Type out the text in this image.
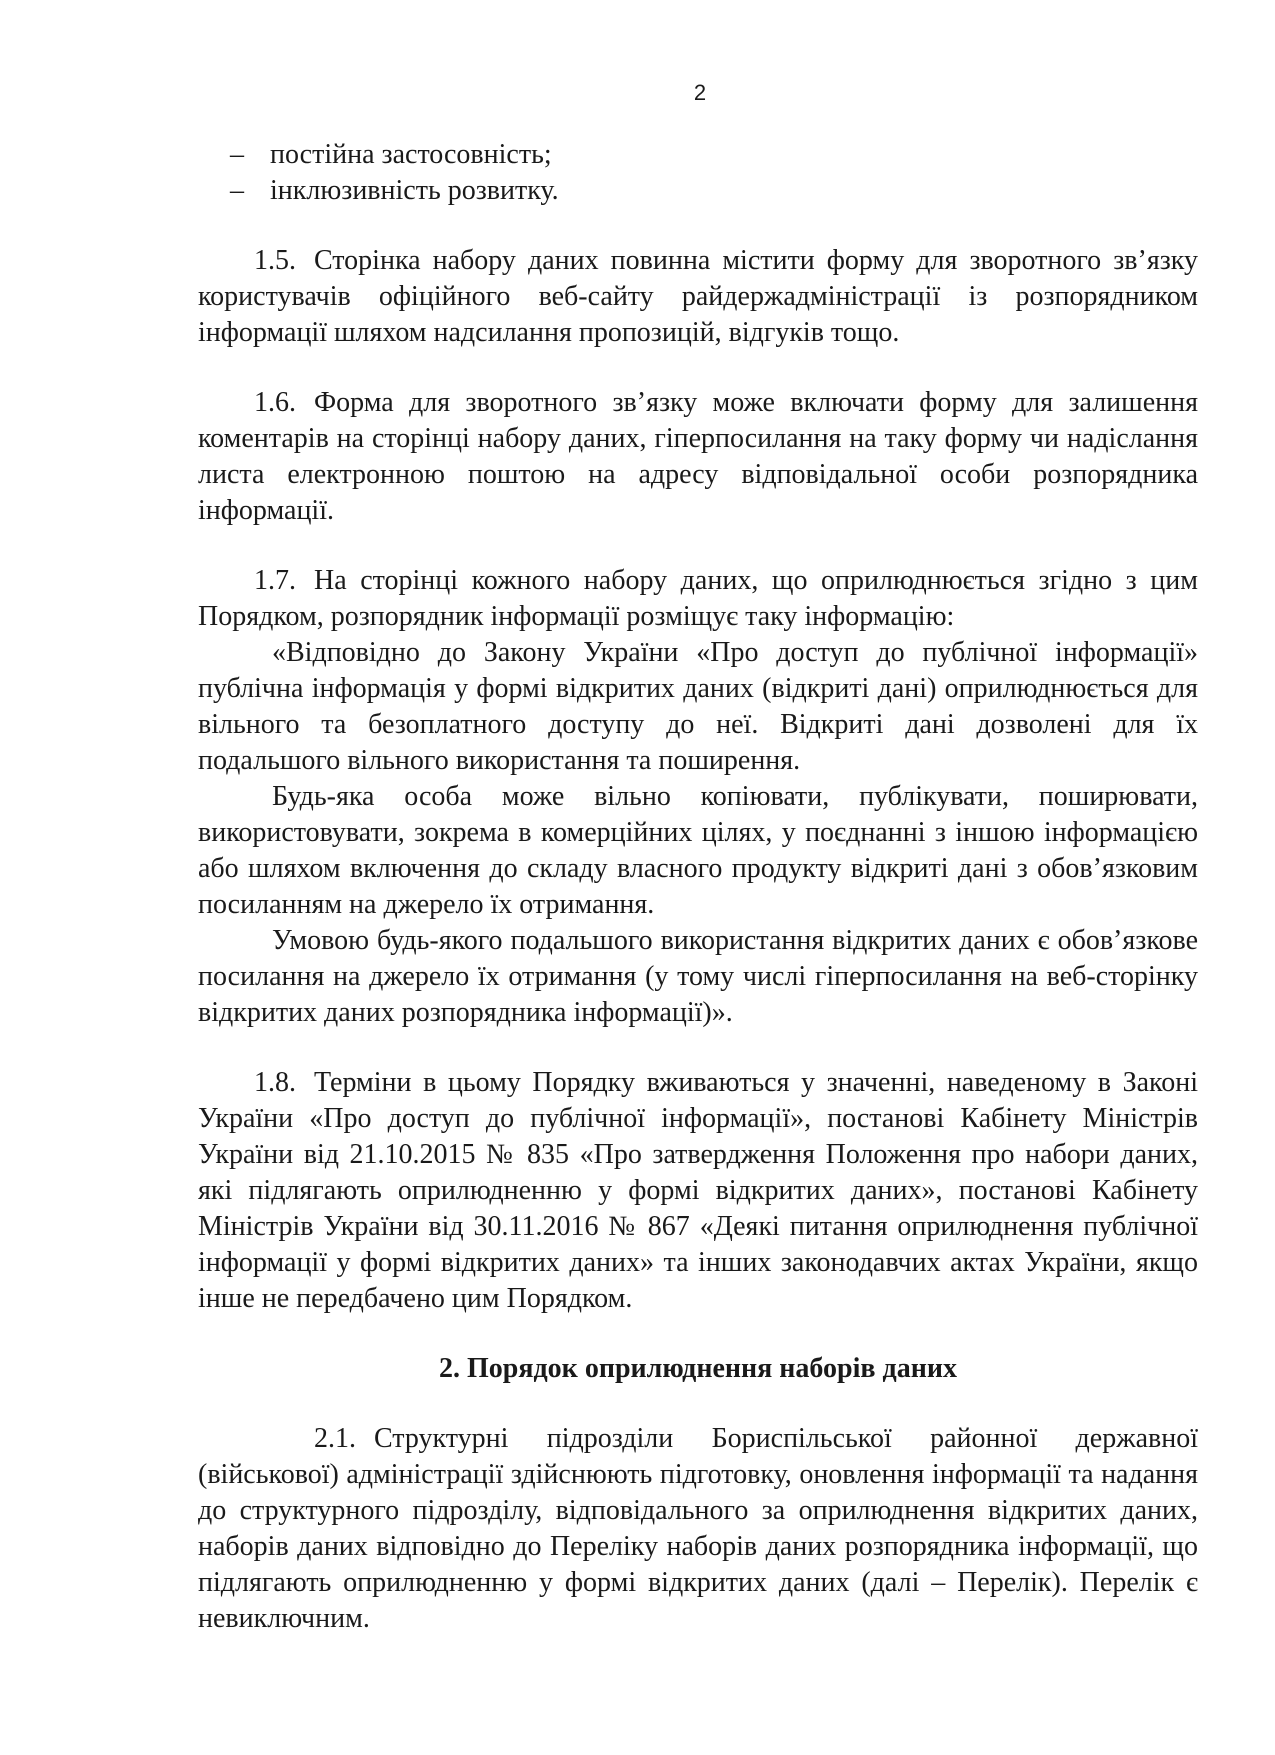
2
– постійна застосовність;
– інклюзивність розвитку.

1.5. Сторінка набору даних повинна містити форму для зворотного зв’язку користувачів офіційного веб-сайту райдержадміністрації із розпорядником інформації шляхом надсилання пропозицій, відгуків тощо.

1.6. Форма для зворотного зв’язку може включати форму для залишення коментарів на сторінці набору даних, гіперпосилання на таку форму чи надіслання листа електронною поштою на адресу відповідальної особи розпорядника інформації.

1.7. На сторінці кожного набору даних, що оприлюднюється згідно з цим Порядком, розпорядник інформації розміщує таку інформацію:

«Відповідно до Закону України «Про доступ до публічної інформації» публічна інформація у формі відкритих даних (відкриті дані) оприлюднюється для вільного та безоплатного доступу до неї. Відкриті дані дозволені для їх подальшого вільного використання та поширення.

Будь-яка особа може вільно копіювати, публікувати, поширювати, використовувати, зокрема в комерційних цілях, у поєднанні з іншою інформацією або шляхом включення до складу власного продукту відкриті дані з обов’язковим посиланням на джерело їх отримання.

Умовою будь-якого подальшого використання відкритих даних є обов’язкове посилання на джерело їх отримання (у тому числі гіперпосилання на веб-сторінку відкритих даних розпорядника інформації)».

1.8. Терміни в цьому Порядку вживаються у значенні, наведеному в Законі України «Про доступ до публічної інформації», постанові Кабінету Міністрів України від 21.10.2015 № 835 «Про затвердження Положення про набори даних, які підлягають оприлюдненню у формі відкритих даних», постанові Кабінету Міністрів України від 30.11.2016 № 867 «Деякі питання оприлюднення публічної інформації у формі відкритих даних» та інших законодавчих актах України, якщо інше не передбачено цим Порядком.

2. Порядок оприлюднення наборів даних

2.1. Структурні підрозділи Бориспільської районної державної (військової) адміністрації здійснюють підготовку, оновлення інформації та надання до структурного підрозділу, відповідального за оприлюднення відкритих даних, наборів даних відповідно до Переліку наборів даних розпорядника інформації, що підлягають оприлюдненню у формі відкритих даних (далі – Перелік). Перелік є невиключним.
